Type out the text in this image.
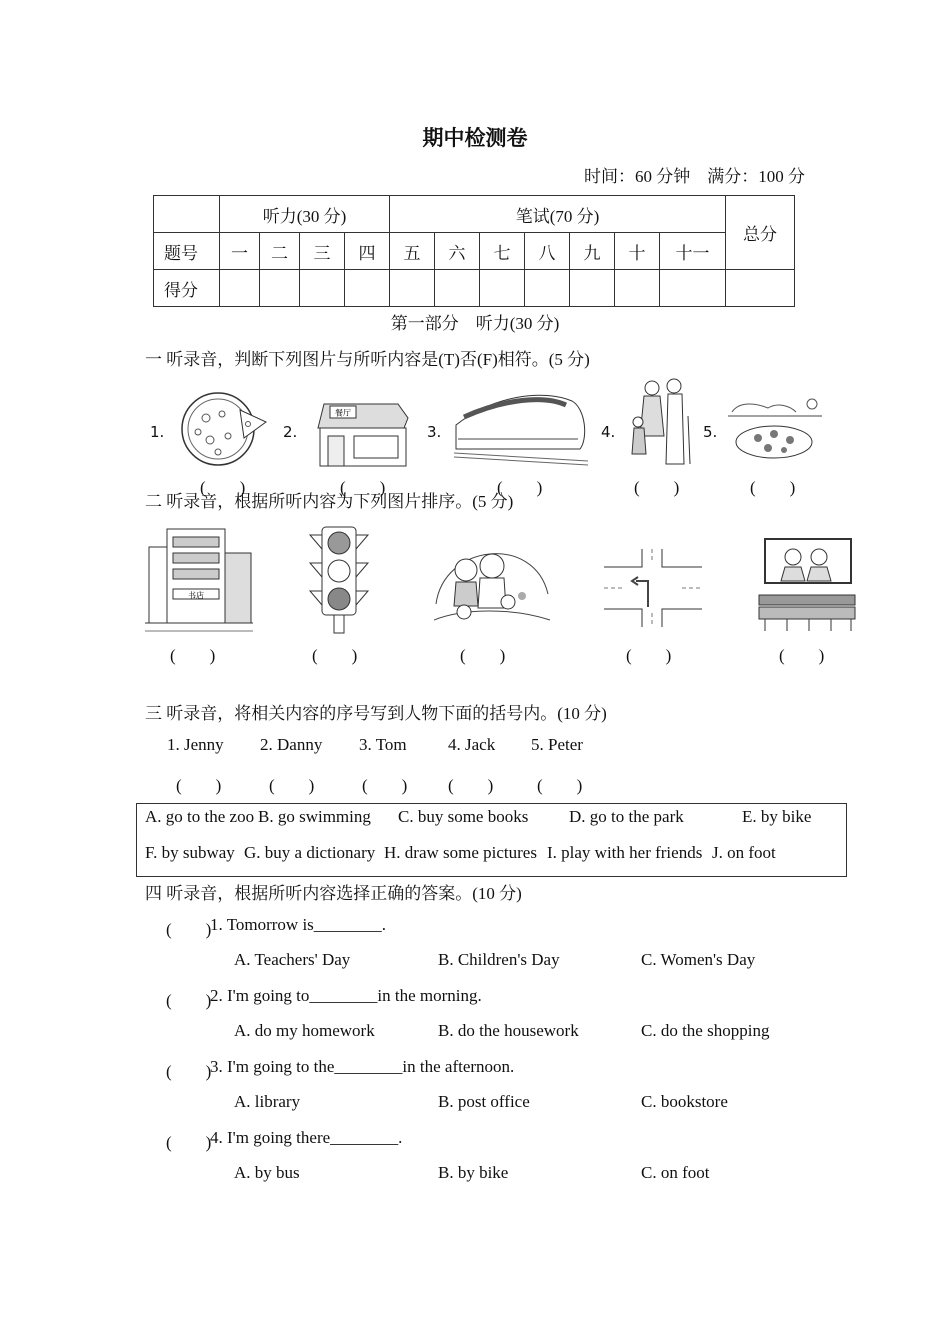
期中检测卷
时间：60 分钟　满分：100 分
	听力(30 分)				笔试(70 分)							总分
题号	一	二	三	四	五	六	七	八	九	十	十一	
得分												
第一部分　听力(30 分)
一 听录音，判断下列图片与所听内容是(T)否(F)相符。(5 分)
1.	2.
餐厅
3.	4.	5.
(　　)	(　　)	(　　)	(　　)	(　　)
二 听录音，根据所听内容为下列图片排序。(5 分)
书店
(　　)	(　　)	(　　)	(　　)	(　　)
三 听录音，将相关内容的序号写到人物下面的括号内。(10 分)
1. Jenny 2. Danny 3. Tom 4. Jack 5. Peter
(　　)	(　　)	(　　) (　　)	(　　)
A. go to the zoo B. go swimming C. buy some books D. go to the park	E. by bike
F. by subway G. buy a dictionary H. draw some pictures I. play with her friends J. on foot
四 听录音，根据所听内容选择正确的答案。(10 分)
(　　)
1. Tomorrow is________.
A. Teachers' Day	B. Children's Day	C. Women's Day
(　　)
2. I'm going to________in the morning.
A. do my homework	B. do the housework	C. do the shopping
(　　)
3. I'm going to the________in the afternoon.
A. library	B. post office	C. bookstore
(　　)
4. I'm going there________.
A. by bus	B. by bike	C. on foot
